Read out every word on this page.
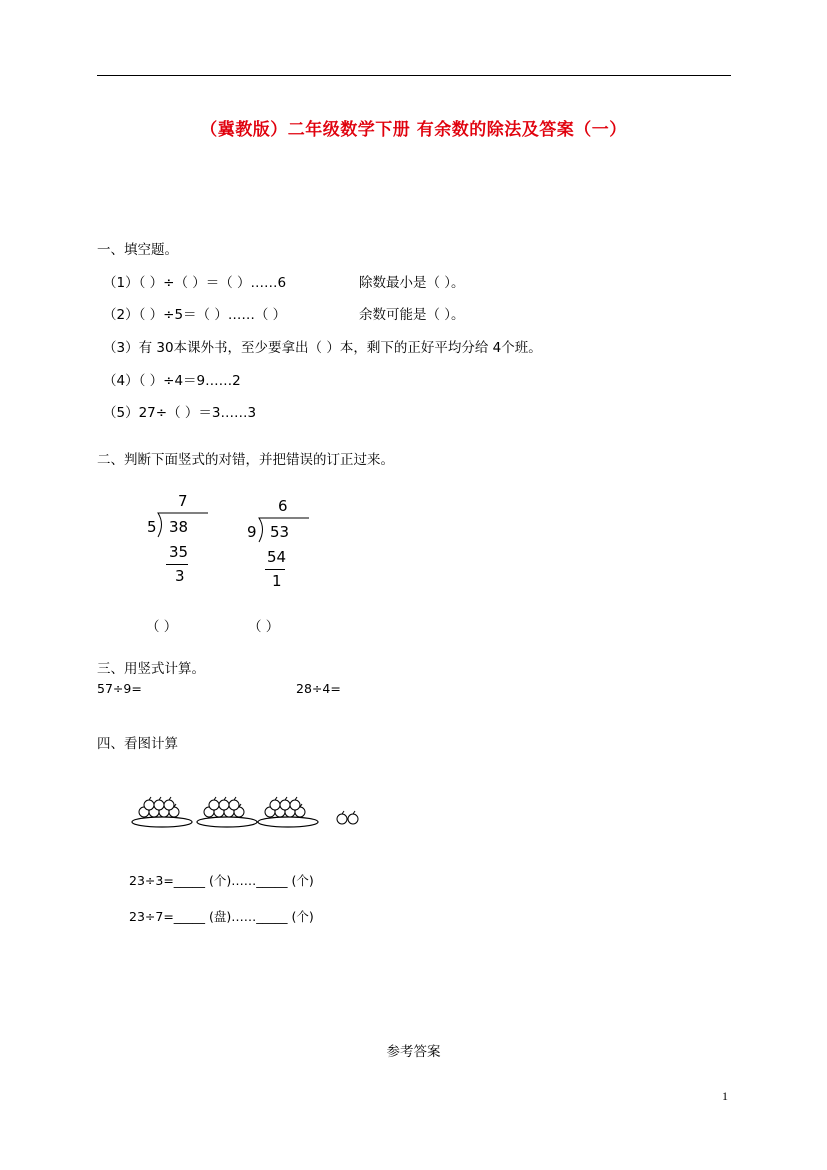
（冀教版）二年级数学下册 有余数的除法及答案（一）
一、填空题。
（1）（ ）÷（ ）＝（ ）……6	除数最小是（ ）。
（2）（ ）÷5＝（ ）……（ ）	余数可能是（ ）。
（3）有 30本课外书，至少要拿出（ ）本，剩下的正好平均分给 4个班。
（4）（ ）÷4＝9……2
（5）27÷（ ）＝3……3
二、判断下面竖式的对错，并把错误的订正过来。
7
5 38
35
3
6
9 53
54
1
（ ）	（ ）
三、用竖式计算。
57÷9=	28÷4=
四、看图计算
23÷3=_____ (个)……_____ (个)
23÷7=_____ (盘)……_____ (个)
参考答案
1
